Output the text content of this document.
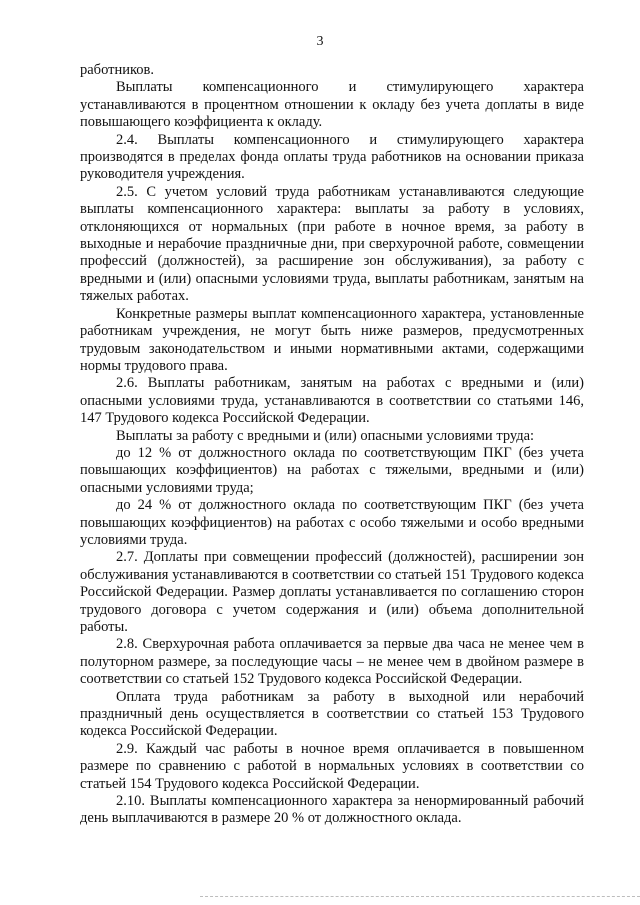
3

работников.

Выплаты компенсационного и стимулирующего характера устанавливаются в процентном отношении к окладу без учета доплаты в виде повышающего коэффициента к окладу.

2.4. Выплаты компенсационного и стимулирующего характера производятся в пределах фонда оплаты труда работников на основании приказа руководителя учреждения.

2.5. С учетом условий труда работникам устанавливаются следующие выплаты компенсационного характера: выплаты за работу в условиях, отклоняющихся от нормальных (при работе в ночное время, за работу в выходные и нерабочие праздничные дни, при сверхурочной работе, совмещении профессий (должностей), за расширение зон обслуживания), за работу с вредными и (или) опасными условиями труда, выплаты работникам, занятым на тяжелых работах.

Конкретные размеры выплат компенсационного характера, установленные работникам учреждения, не могут быть ниже размеров, предусмотренных трудовым законодательством и иными нормативными актами, содержащими нормы трудового права.

2.6. Выплаты работникам, занятым на работах с вредными и (или) опасными условиями труда, устанавливаются в соответствии со статьями 146, 147 Трудового кодекса Российской Федерации.

Выплаты за работу с вредными и (или) опасными условиями труда:

до 12 % от должностного оклада по соответствующим ПКГ (без учета повышающих коэффициентов) на работах с тяжелыми, вредными и (или) опасными условиями труда;

до 24 % от должностного оклада по соответствующим ПКГ (без учета повышающих коэффициентов) на работах с особо тяжелыми и особо вредными условиями труда.

2.7. Доплаты при совмещении профессий (должностей), расширении зон обслуживания устанавливаются в соответствии со статьей 151 Трудового кодекса Российской Федерации. Размер доплаты устанавливается по соглашению сторон трудового договора с учетом содержания и (или) объема дополнительной работы.

2.8. Сверхурочная работа оплачивается за первые два часа не менее чем в полуторном размере, за последующие часы – не менее чем в двойном размере в соответствии со статьей 152 Трудового кодекса Российской Федерации.

Оплата труда работникам за работу в выходной или нерабочий праздничный день осуществляется в соответствии со статьей 153 Трудового кодекса Российской Федерации.

2.9. Каждый час работы в ночное время оплачивается в повышенном размере по сравнению с работой в нормальных условиях в соответствии со статьей 154 Трудового кодекса Российской Федерации.

2.10. Выплаты компенсационного характера за ненормированный рабочий день выплачиваются в размере 20 % от должностного оклада.
